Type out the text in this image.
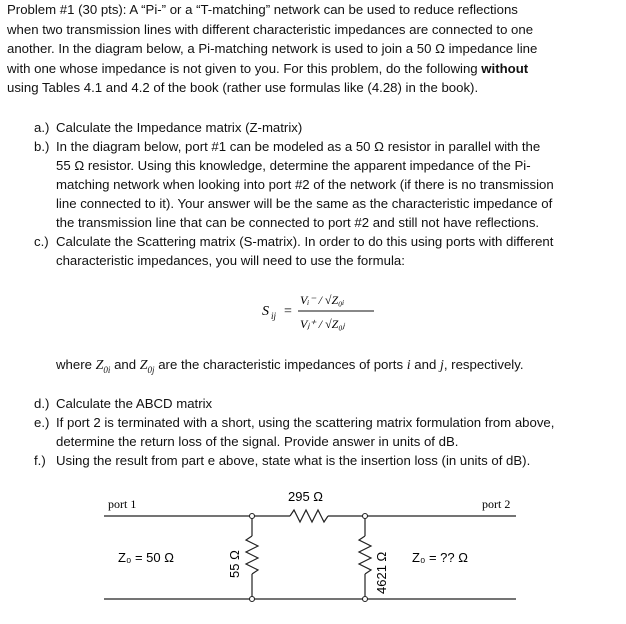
Problem #1 (30 pts): A “Pi-” or a “T-matching” network can be used to reduce reflections
when two transmission lines with different characteristic impedances are connected to one
another. In the diagram below, a Pi-matching network is used to join a 50 Ω impedance line
with one whose impedance is not given to you. For this problem, do the following without
using Tables 4.1 and 4.2 of the book (rather use formulas like (4.28) in the book).
a.) Calculate the Impedance matrix (Z-matrix)
b.) In the diagram below, port #1 can be modeled as a 50 Ω resistor in parallel with the
55 Ω resistor. Using this knowledge, determine the apparent impedance of the Pi-
matching network when looking into port #2 of the network (if there is no transmission
line connected to it). Your answer will be the same as the characteristic impedance of
the transmission line that can be connected to port #2 and still not have reflections.
c.) Calculate the Scattering matrix (S-matrix). In order to do this using ports with different
characteristic impedances, you will need to use the formula:
S ij =
Vᵢ⁻ / √Z₀ᵢ
Vⱼ⁺ / √Z₀ⱼ
where $Z_{0i}$ and $Z_{0j}$ are the characteristic impedances of ports i and j, respectively.
d.) Calculate the ABCD matrix
e.) If port 2 is terminated with a short, using the scattering matrix formulation from above,
determine the return loss of the signal. Provide answer in units of dB.
f.) Using the result from part e above, state what is the insertion loss (in units of dB).
port 1	port 2
295 Ω
Z₀ = 50 Ω	Z₀ = ?? Ω
55 Ω	4621 Ω
